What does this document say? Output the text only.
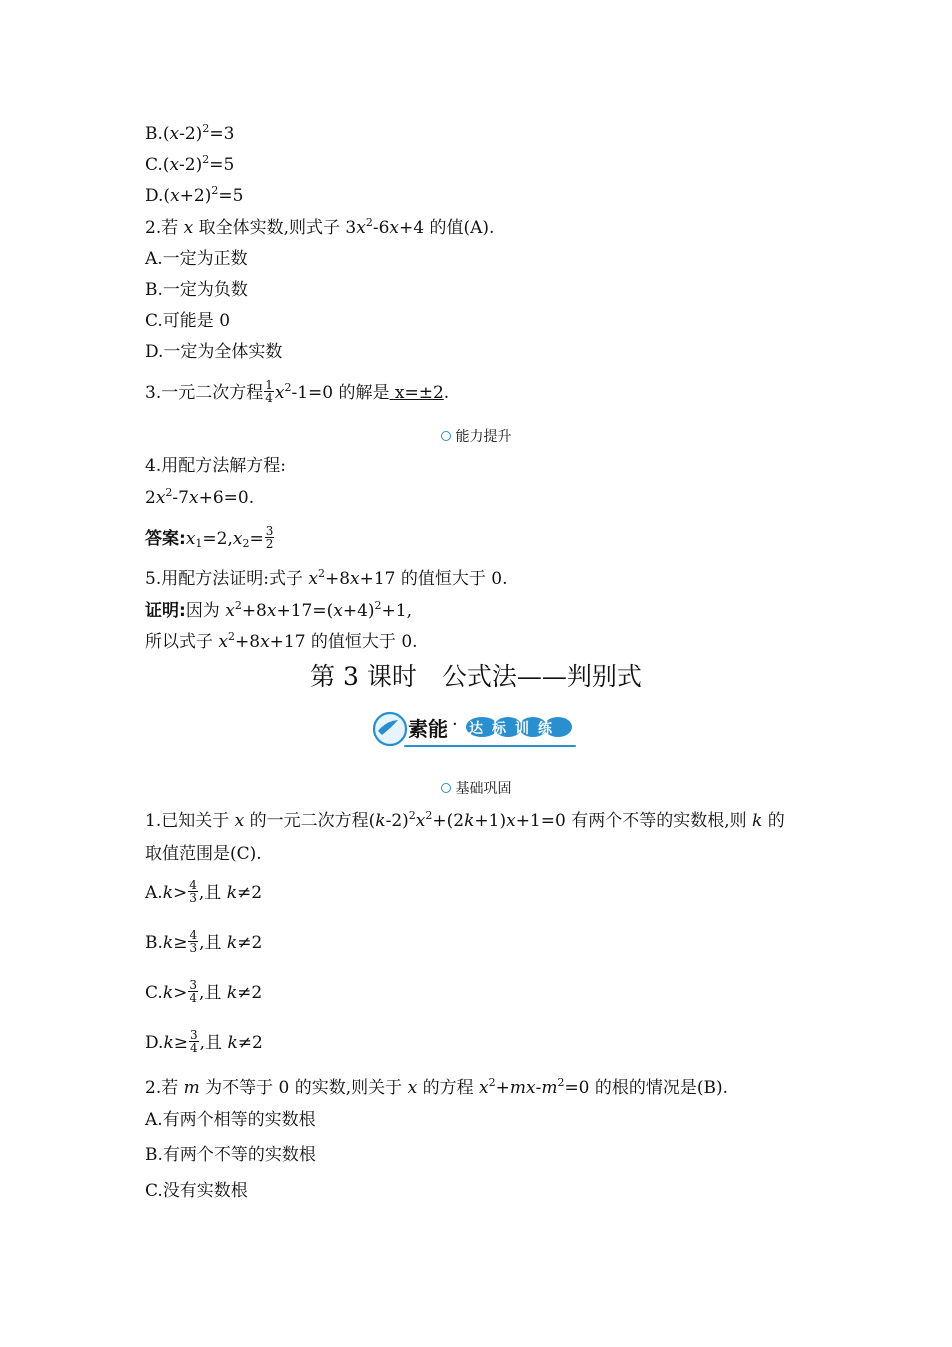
$B.(x-2)^2=3$
$C.(x-2)^2=5$
$D.(x+2)^2=5$
2.若 x 取全体实数,则式子 $3x^2-6x+4$ 的值(A).
A.一定为正数
B.一定为负数
C.可能是 0
D.一定为全体实数
3.一元二次方程 $\frac{1}{4} x^2-1=0$ 的解是 x=±2.
能力提升
4.用配方法解方程:
$2x^2-7x+6=0$.
答案$:x_1=2,x_2= \frac{3}{2}$
5.用配方法证明:式子 $x^2+8x+17$ 的值恒大于 0.
证明:因为 $x^2+8x+17=(x+4)^2+1$,
所以式子 $x^2+8x+17$ 的值恒大于 0.
第 3 课时　公式法——判别式
素能 · 达标训练
基础巩固
1.已知关于 x 的一元二次方程$(k-2)^2x^2+(2k+1)x+1=0$ 有两个不等的实数根,则 k 的
取值范围是(C).
$A.k> \frac{4}{3}$ ,且 k≠2
$B.k\ge \frac{4}{3}$ ,且 k≠2
$C.k> \frac{3}{4}$ ,且 k≠2
$D.k\ge \frac{3}{4}$ ,且 k≠2
2.若 m 为不等于 0 的实数,则关于 x 的方程 $x^2+mx-m^2=0$ 的根的情况是(B).
A.有两个相等的实数根
B.有两个不等的实数根
C.没有实数根
